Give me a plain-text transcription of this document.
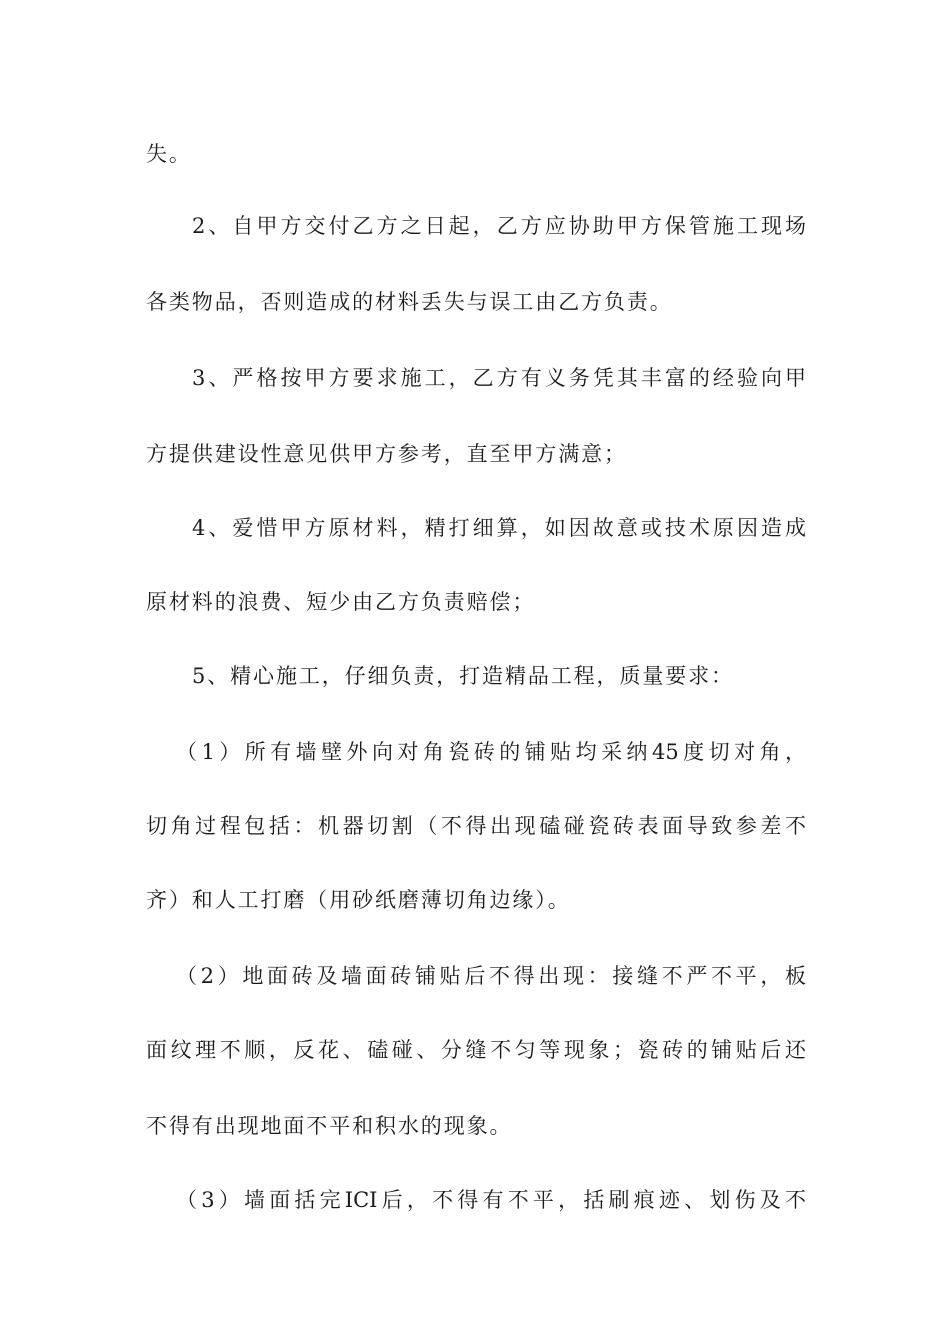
失。
2、自甲方交付乙方之日起，乙方应协助甲方保管施工现场
各类物品，否则造成的材料丢失与误工由乙方负责。
3、严格按甲方要求施工，乙方有义务凭其丰富的经验向甲
方提供建设性意见供甲方参考，直至甲方满意；
4、爱惜甲方原材料，精打细算，如因故意或技术原因造成
原材料的浪费、短少由乙方负责赔偿；
5、精心施工，仔细负责，打造精品工程，质量要求：
（1）所有墙壁外向对角瓷砖的铺贴均采纳45度切对角，
切角过程包括：机器切割（不得出现磕碰瓷砖表面导致参差不
齐）和人工打磨（用砂纸磨薄切角边缘）。
（2）地面砖及墙面砖铺贴后不得出现：接缝不严不平，板
面纹理不顺，反花、磕碰、分缝不匀等现象；瓷砖的铺贴后还
不得有出现地面不平和积水的现象。
（3）墙面括完ICI后，不得有不平，括刷痕迹、划伤及不
